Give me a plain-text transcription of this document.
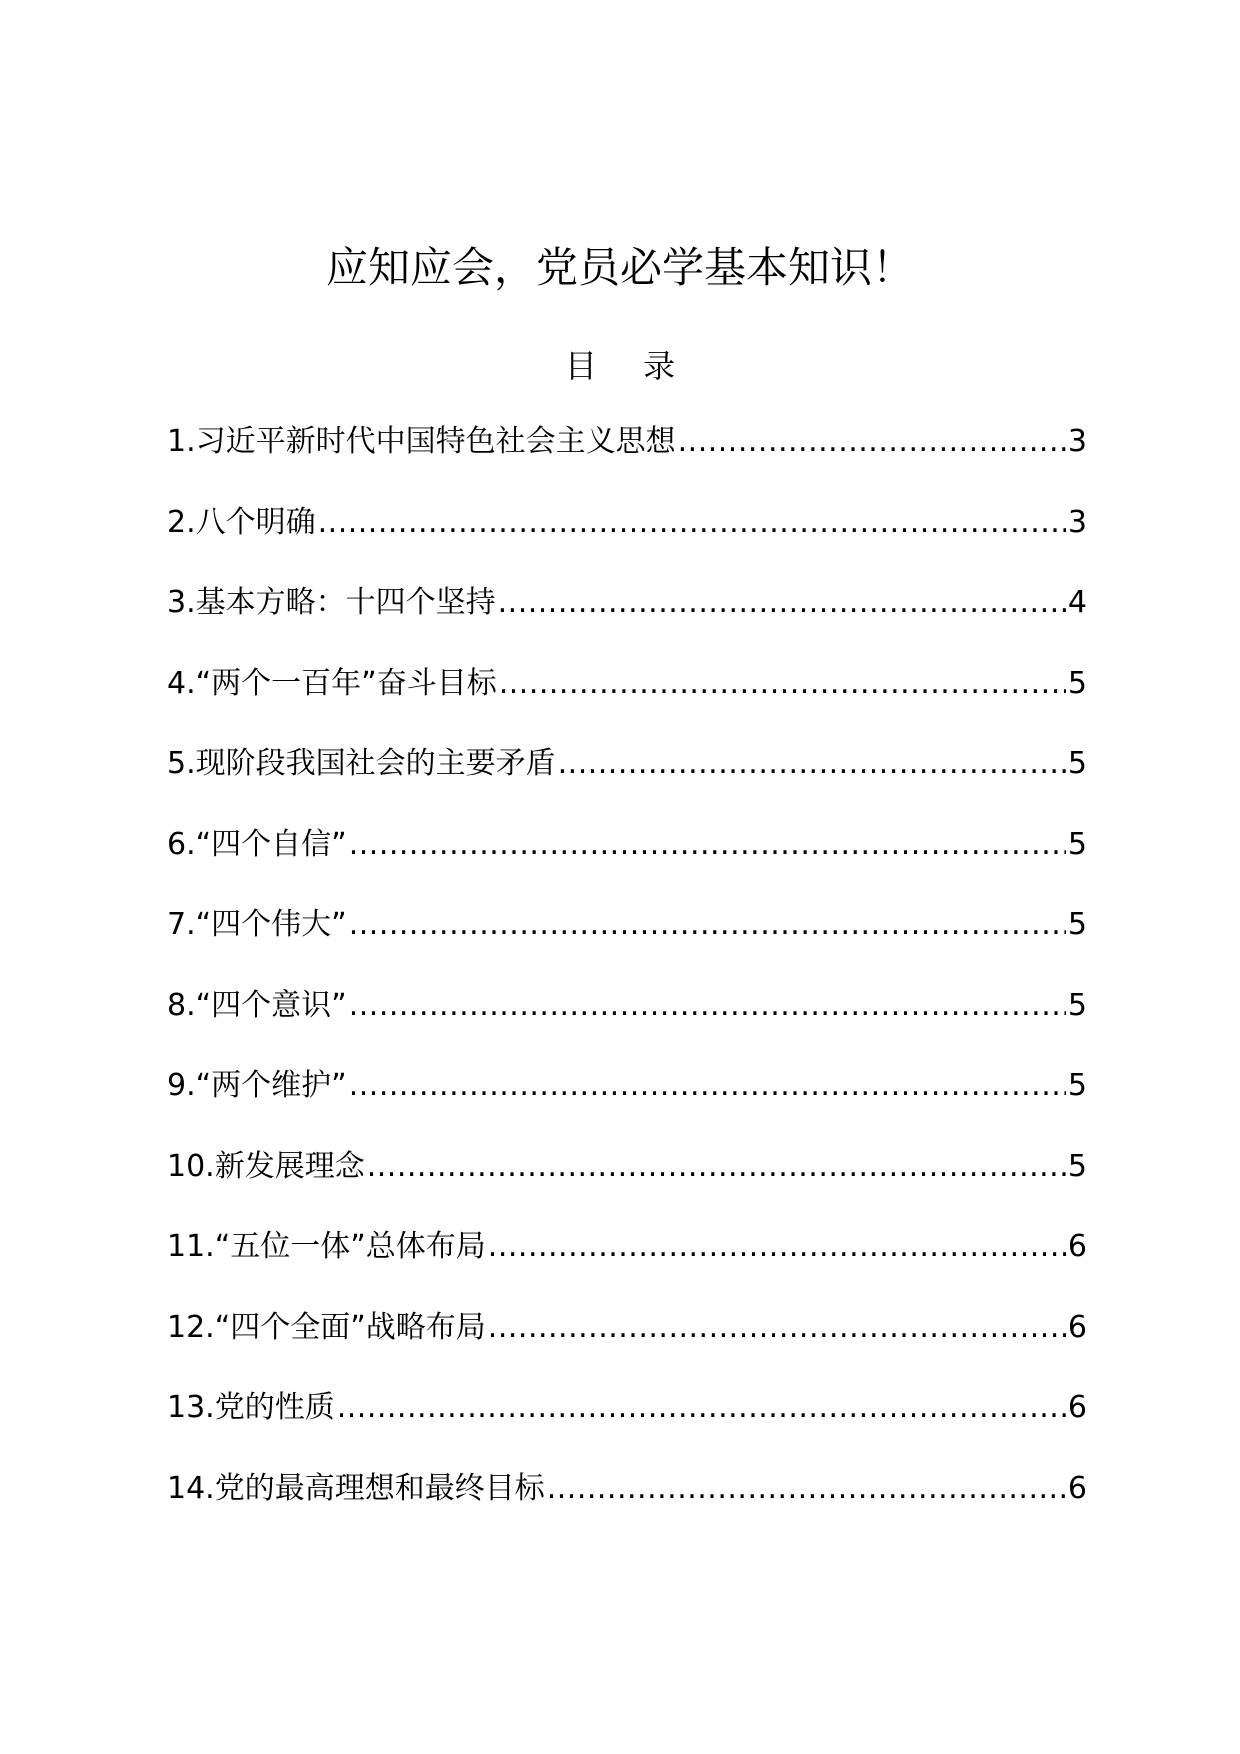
应知应会，党员必学基本知识！
目 录
1.习近平新时代中国特色社会主义思想 .....	3
2.八个明确 .....	3
3.基本方略：十四个坚持 .....	4
4.“两个一百年”奋斗目标 .....	5
5.现阶段我国社会的主要矛盾 .....	5
6.“四个自信” .....	5
7.“四个伟大” .....	5
8.“四个意识” .....	5
9.“两个维护” .....	5
10.新发展理念 .....	5
11.“五位一体”总体布局 .....	6
12.“四个全面”战略布局 .....	6
13.党的性质 .....	6
14.党的最高理想和最终目标 .....	6
